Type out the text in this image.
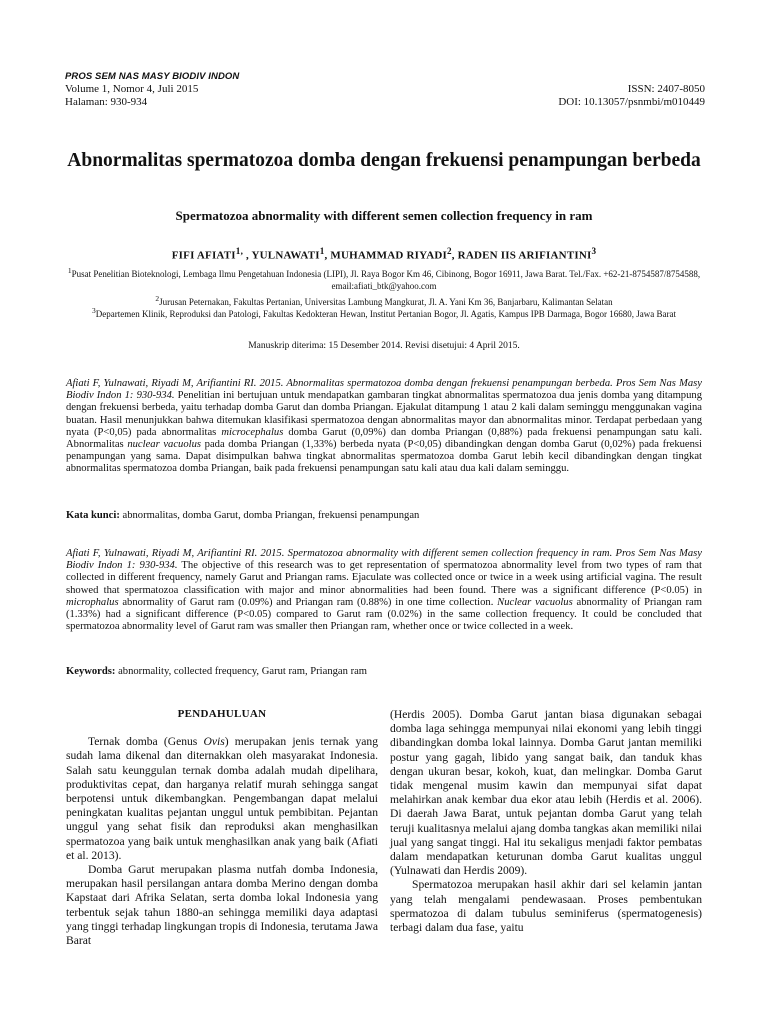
PROS SEM NAS MASY BIODIV INDON
Volume 1, Nomor 4, Juli 2015	ISSN: 2407-8050
Halaman: 930-934	DOI: 10.13057/psnmbi/m010449
Abnormalitas spermatozoa domba dengan frekuensi penampungan berbeda
Spermatozoa abnormality with different semen collection frequency in ram
FIFI $AFIATI^{1,}$ , YULNAWATI$^1$, MUHAMMAD RIYADI$^2$, RADEN IIS ARIFIANTINI$^3$
$^1$Pusat Penelitian Bioteknologi, Lembaga Ilmu Pengetahuan Indonesia (LIPI), Jl. Raya Bogor Km 46, Cibinong, Bogor 16911, Jawa Barat. Tel./Fax. +62-21-8754587/8754588, email:afiati_btk@yahoo.com
$^2$Jurusan Peternakan, Fakultas Pertanian, Universitas Lambung Mangkurat, Jl. A. Yani Km 36, Banjarbaru, Kalimantan Selatan
$^3$Departemen Klinik, Reproduksi dan Patologi, Fakultas Kedokteran Hewan, Institut Pertanian Bogor, Jl. Agatis, Kampus IPB Darmaga, Bogor 16680, Jawa Barat
Manuskrip diterima: 15 Desember 2014. Revisi disetujui: 4 April 2015.
Afiati F, Yulnawati, Riyadi M, Arifiantini RI. 2015. Abnormalitas spermatozoa domba dengan frekuensi penampungan berbeda. Pros Sem Nas Masy Biodiv Indon 1: 930-934. Penelitian ini bertujuan untuk mendapatkan gambaran tingkat abnormalitas spermatozoa dua jenis domba yang ditampung dengan frekuensi berbeda, yaitu terhadap domba Garut dan domba Priangan. Ejakulat ditampung 1 atau 2 kali dalam seminggu menggunakan vagina buatan. Hasil menunjukkan bahwa ditemukan klasifikasi spermatozoa dengan abnormalitas mayor dan abnormalitas minor. Terdapat perbedaan yang nyata (P<0,05) pada abnormalitas microcephalus domba Garut (0,09%) dan domba Priangan (0,88%) pada frekuensi penampungan satu kali. Abnormalitas nuclear vacuolus pada domba Priangan (1,33%) berbeda nyata (P<0,05) dibandingkan dengan domba Garut (0,02%) pada frekuensi penampungan yang sama. Dapat disimpulkan bahwa tingkat abnormalitas spermatozoa domba Garut lebih kecil dibandingkan dengan tingkat abnormalitas spermatozoa domba Priangan, baik pada frekuensi penampungan satu kali atau dua kali dalam seminggu.
Kata kunci: abnormalitas, domba Garut, domba Priangan, frekuensi penampungan
Afiati F, Yulnawati, Riyadi M, Arifiantini RI. 2015. Spermatozoa abnormality with different semen collection frequency in ram. Pros Sem Nas Masy Biodiv Indon 1: 930-934. The objective of this research was to get representation of spermatozoa abnormality level from two types of ram that collected in different frequency, namely Garut and Priangan rams. Ejaculate was collected once or twice in a week using artificial vagina. The result showed that spermatozoa classification with major and minor abnormalities had been found. There was a significant difference (P<0.05) in microphalus abnormality of Garut ram (0.09%) and Priangan ram (0.88%) in one time collection. Nuclear vacuolus abnormality of Priangan ram (1.33%) had a significant difference (P<0.05) compared to Garut ram (0.02%) in the same collection frequency. It could be concluded that spermatozoa abnormality level of Garut ram was smaller then Priangan ram, whether once or twice collected in a week.
Keywords: abnormality, collected frequency, Garut ram, Priangan ram
PENDAHULUAN

Ternak domba (Genus Ovis) merupakan jenis ternak yang sudah lama dikenal dan diternakkan oleh masyarakat Indonesia. Salah satu keunggulan ternak domba adalah mudah dipelihara, produktivitas cepat, dan harganya relatif murah sehingga sangat berpotensi untuk dikembangkan. Pengembangan dapat melalui peningkatan kualitas pejantan unggul untuk pembibitan. Pejantan unggul yang sehat fisik dan reproduksi akan menghasilkan spermatozoa yang baik untuk menghasilkan anak yang baik (Afiati et al. 2013).

Domba Garut merupakan plasma nutfah domba Indonesia, merupakan hasil persilangan antara domba Merino dengan domba Kapstaat dari Afrika Selatan, serta domba lokal Indonesia yang terbentuk sejak tahun 1880-an sehingga memiliki daya adaptasi yang tinggi terhadap lingkungan tropis di Indonesia, terutama Jawa Barat

(Herdis 2005). Domba Garut jantan biasa digunakan sebagai domba laga sehingga mempunyai nilai ekonomi yang lebih tinggi dibandingkan domba lokal lainnya. Domba Garut jantan memiliki postur yang gagah, libido yang sangat baik, dan tanduk khas dengan ukuran besar, kokoh, kuat, dan melingkar. Domba Garut tidak mengenal musim kawin dan mempunyai sifat dapat melahirkan anak kembar dua ekor atau lebih (Herdis et al. 2006). Di daerah Jawa Barat, untuk pejantan domba Garut yang telah teruji kualitasnya melalui ajang domba tangkas akan memiliki nilai jual yang sangat tinggi. Hal itu sekaligus menjadi faktor pembatas dalam mendapatkan keturunan domba Garut kualitas unggul (Yulnawati dan Herdis 2009).

Spermatozoa merupakan hasil akhir dari sel kelamin jantan yang telah mengalami pendewasaan. Proses pembentukan spermatozoa di dalam tubulus seminiferus (spermatogenesis) terbagi dalam dua fase, yaitu
